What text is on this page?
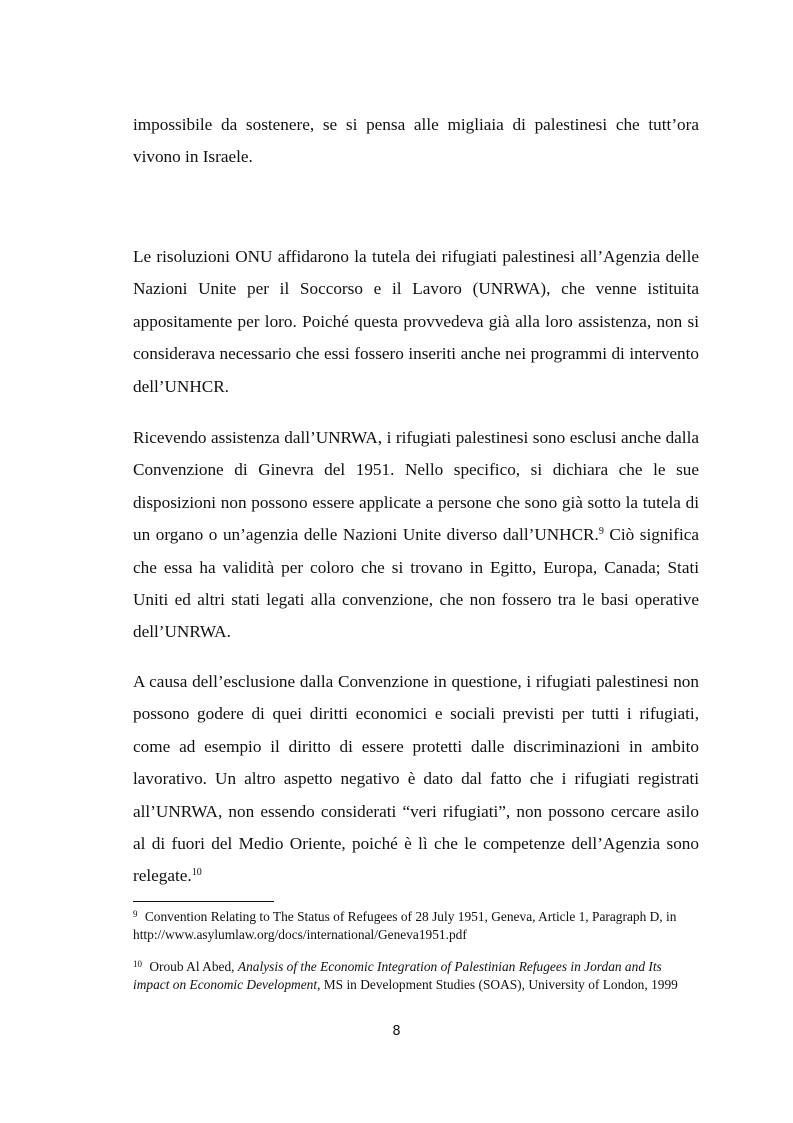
impossibile da sostenere, se si pensa alle migliaia di palestinesi che tutt’ora vivono in Israele.

Le risoluzioni ONU affidarono la tutela dei rifugiati palestinesi all’Agenzia delle Nazioni Unite per il Soccorso e il Lavoro (UNRWA), che venne istituita appositamente per loro. Poiché questa provvedeva già alla loro assistenza, non si considerava necessario che essi fossero inseriti anche nei programmi di intervento dell’UNHCR.

Ricevendo assistenza dall’UNRWA, i rifugiati palestinesi sono esclusi anche dalla Convenzione di Ginevra del 1951. Nello specifico, si dichiara che le sue disposizioni non possono essere applicate a persone che sono già sotto la tutela di un organo o un’agenzia delle Nazioni Unite diverso dall’UNHCR.$^9$ Ciò significa che essa ha validità per coloro che si trovano in Egitto, Europa, Canada; Stati Uniti ed altri stati legati alla convenzione, che non fossero tra le basi operative dell’UNRWA.

A causa dell’esclusione dalla Convenzione in questione, i rifugiati palestinesi non possono godere di quei diritti economici e sociali previsti per tutti i rifugiati, come ad esempio il diritto di essere protetti dalle discriminazioni in ambito lavorativo. Un altro aspetto negativo è dato dal fatto che i rifugiati registrati all’UNRWA, non essendo considerati “veri rifugiati”, non possono cercare asilo al di fuori del Medio Oriente, poiché è lì che le competenze dell’Agenzia sono relegate.$^{10}$

$^9$ Convention Relating to The Status of Refugees of 28 July 1951, Geneva, Article 1, Paragraph D, in http://www.asylumlaw.org/docs/international/Geneva1951.pdf

$^{10}$ Oroub Al Abed, Analysis of the Economic Integration of Palestinian Refugees in Jordan and Its impact on Economic Development, MS in Development Studies (SOAS), University of London, 1999

8
